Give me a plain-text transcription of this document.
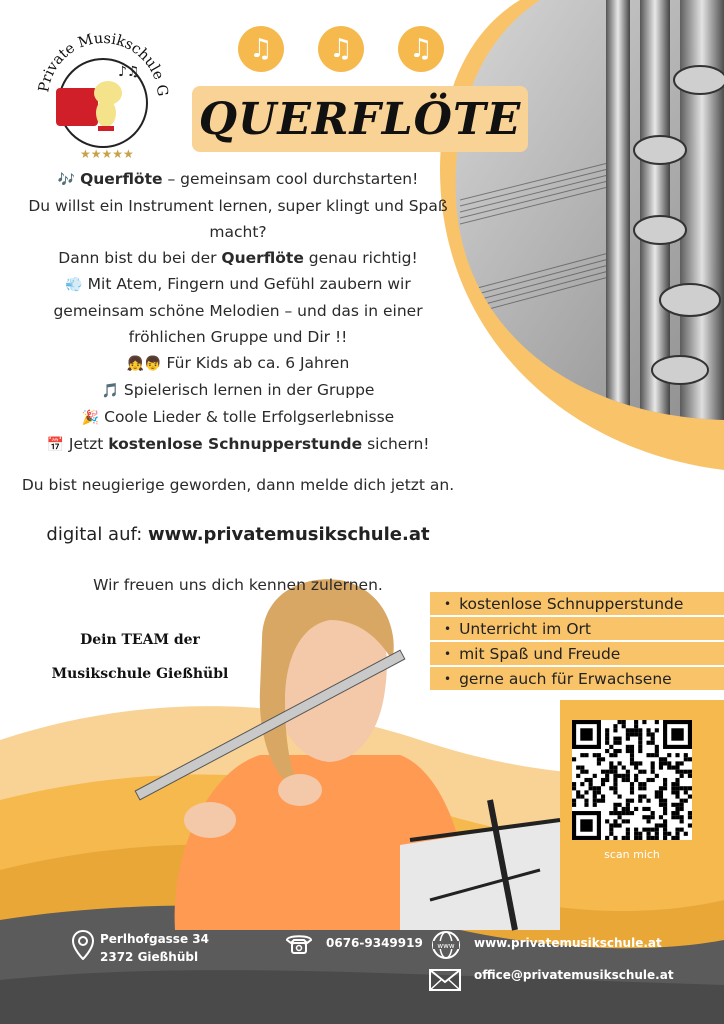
♪♫
Private Musikschule G
★★★★★
♫ ♫ ♫
QUERFLÖTE

🎶 Querflöte – gemeinsam cool durchstarten!

Du willst ein Instrument lernen, super klingt und Spaß macht?

Dann bist du bei der Querflöte genau richtig!

💨 Mit Atem, Fingern und Gefühl zaubern wir gemeinsam schöne Melodien – und das in einer fröhlichen Gruppe und Dir !!

👧👦 Für Kids ab ca. 6 Jahren

🎵 Spielerisch lernen in der Gruppe

🎉 Coole Lieder & tolle Erfolgserlebnisse

📅 Jetzt kostenlose Schnupperstunde sichern!

Du bist neugierige geworden, dann melde dich jetzt an.
digital auf: www.privatemusikschule.at
Wir freuen uns dich kennen zulernen.
Dein TEAM der
Musikschule Gießhübl
• kostenlose Schnupperstunde
• Unterricht im Ort
• mit Spaß und Freude
• gerne auch für Erwachsene
scan mich
Perlhofgasse 34
2372 Gießhübl
0676-9349919 www www.privatemusikschule.at
office@privatemusikschule.at
